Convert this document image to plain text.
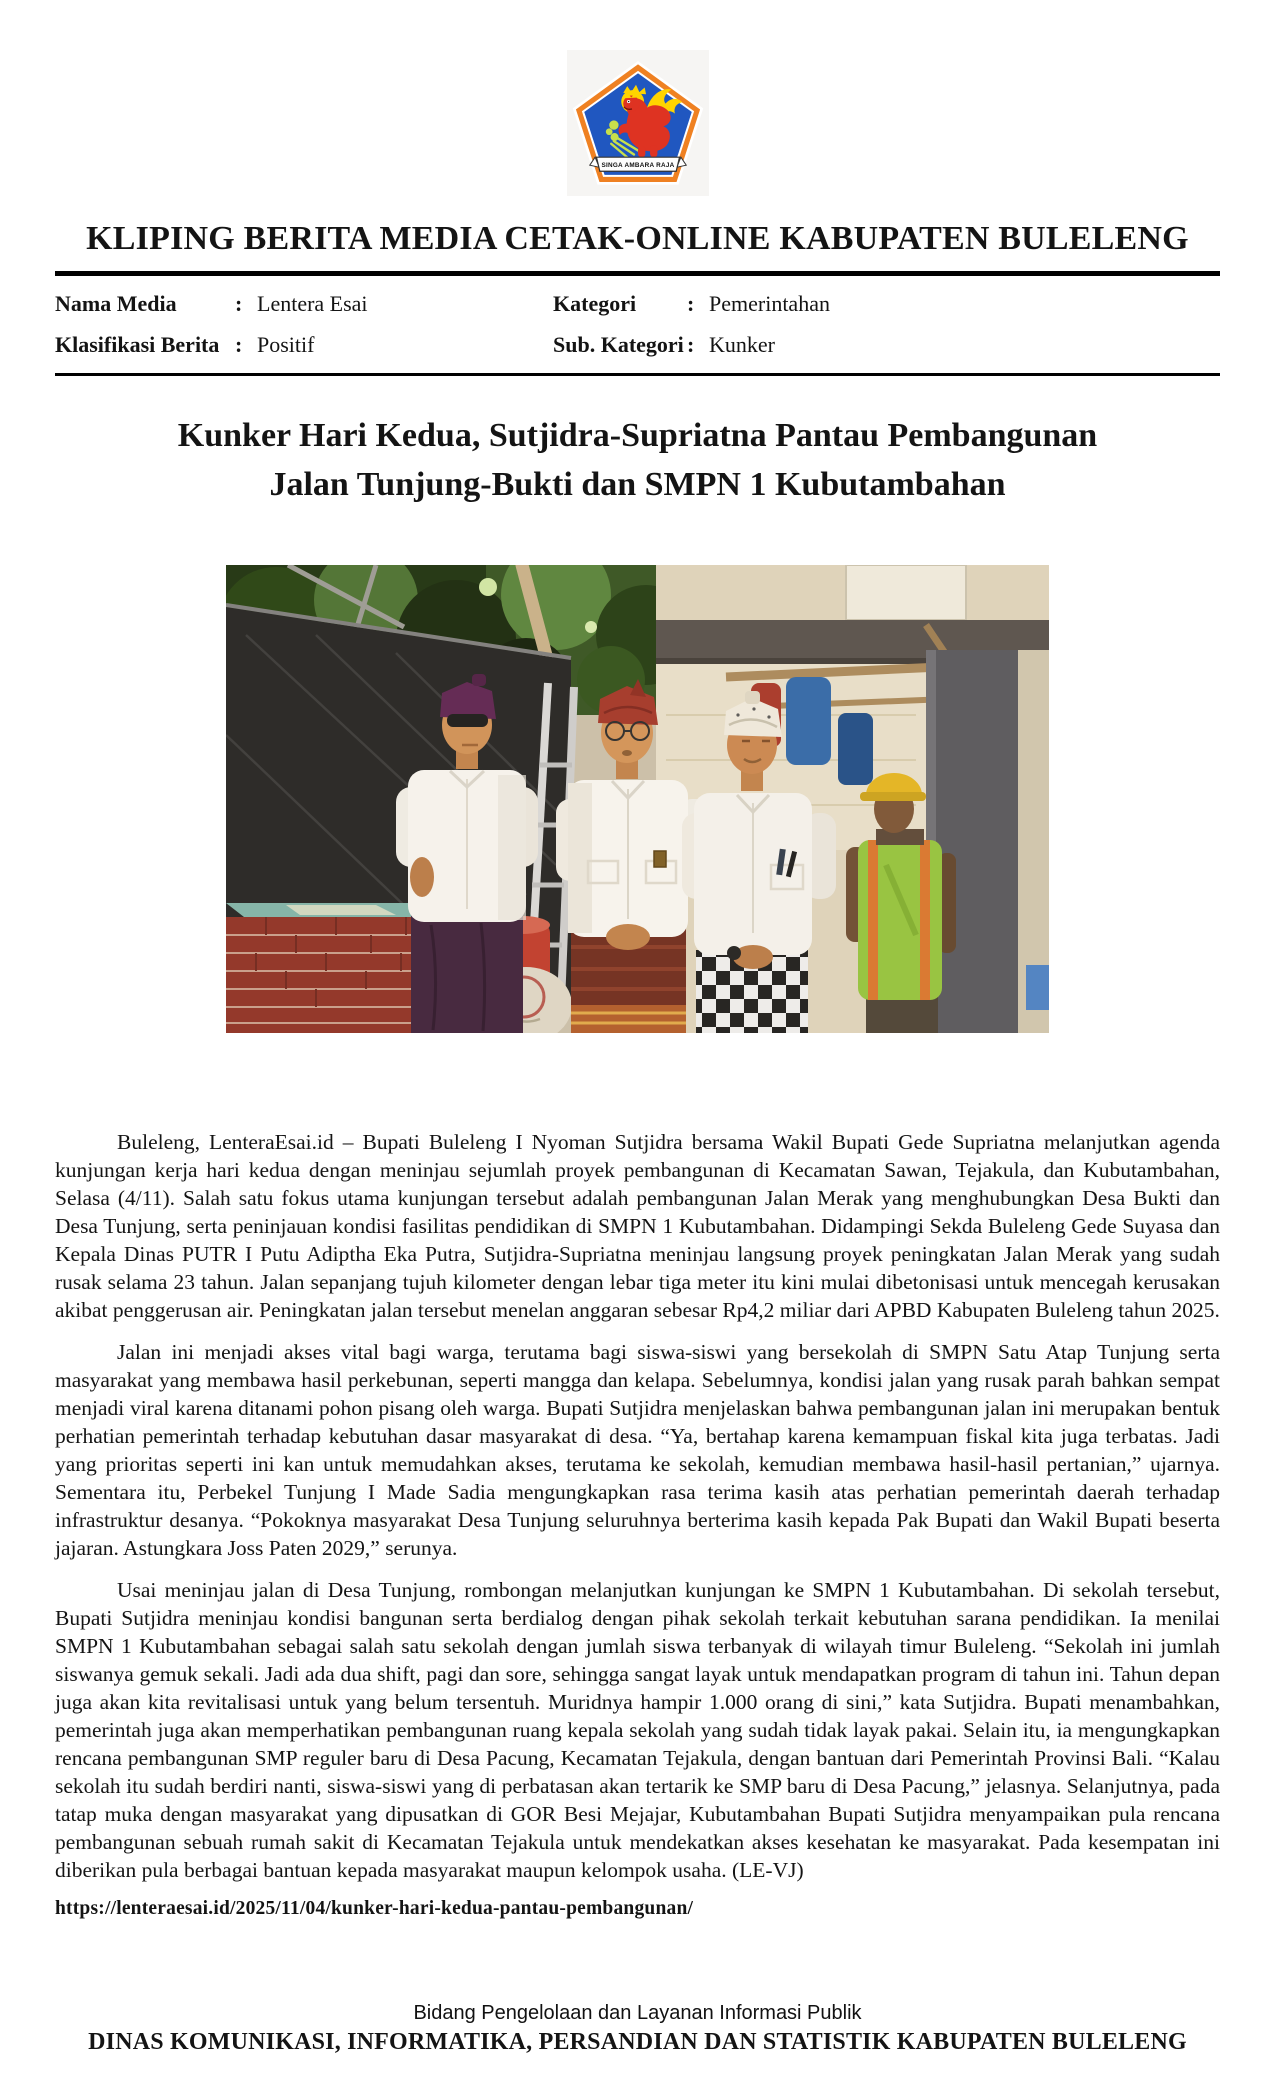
SINGA AMBARA RAJA
KLIPING BERITA MEDIA CETAK-ONLINE KABUPATEN BULELENG
Nama Media	: Lentera Esai
Klasifikasi Berita : Positif
Kategori	: Pemerintahan
Sub. Kategori : Kunker
Kunker Hari Kedua, Sutjidra-Supriatna Pantau Pembangunan
Jalan Tunjung-Bukti dan SMPN 1 Kubutambahan

Buleleng, LenteraEsai.id – Bupati Buleleng I Nyoman Sutjidra bersama Wakil Bupati Gede Supriatna melanjutkan agenda kunjungan kerja hari kedua dengan meninjau sejumlah proyek pembangunan di Kecamatan Sawan, Tejakula, dan Kubutambahan, Selasa (4/11). Salah satu fokus utama kunjungan tersebut adalah pembangunan Jalan Merak yang menghubungkan Desa Bukti dan Desa Tunjung, serta peninjauan kondisi fasilitas pendidikan di SMPN 1 Kubutambahan. Didampingi Sekda Buleleng Gede Suyasa dan Kepala Dinas PUTR I Putu Adiptha Eka Putra, Sutjidra-Supriatna meninjau langsung proyek peningkatan Jalan Merak yang sudah rusak selama 23 tahun. Jalan sepanjang tujuh kilometer dengan lebar tiga meter itu kini mulai dibetonisasi untuk mencegah kerusakan akibat penggerusan air. Peningkatan jalan tersebut menelan anggaran sebesar Rp4,2 miliar dari APBD Kabupaten Buleleng tahun 2025.

Jalan ini menjadi akses vital bagi warga, terutama bagi siswa-siswi yang bersekolah di SMPN Satu Atap Tunjung serta masyarakat yang membawa hasil perkebunan, seperti mangga dan kelapa. Sebelumnya, kondisi jalan yang rusak parah bahkan sempat menjadi viral karena ditanami pohon pisang oleh warga. Bupati Sutjidra menjelaskan bahwa pembangunan jalan ini merupakan bentuk perhatian pemerintah terhadap kebutuhan dasar masyarakat di desa. “Ya, bertahap karena kemampuan fiskal kita juga terbatas. Jadi yang prioritas seperti ini kan untuk memudahkan akses, terutama ke sekolah, kemudian membawa hasil-hasil pertanian,” ujarnya. Sementara itu, Perbekel Tunjung I Made Sadia mengungkapkan rasa terima kasih atas perhatian pemerintah daerah terhadap infrastruktur desanya. “Pokoknya masyarakat Desa Tunjung seluruhnya berterima kasih kepada Pak Bupati dan Wakil Bupati beserta jajaran. Astungkara Joss Paten 2029,” serunya.

Usai meninjau jalan di Desa Tunjung, rombongan melanjutkan kunjungan ke SMPN 1 Kubutambahan. Di sekolah tersebut, Bupati Sutjidra meninjau kondisi bangunan serta berdialog dengan pihak sekolah terkait kebutuhan sarana pendidikan. Ia menilai SMPN 1 Kubutambahan sebagai salah satu sekolah dengan jumlah siswa terbanyak di wilayah timur Buleleng. “Sekolah ini jumlah siswanya gemuk sekali. Jadi ada dua shift, pagi dan sore, sehingga sangat layak untuk mendapatkan program di tahun ini. Tahun depan juga akan kita revitalisasi untuk yang belum tersentuh. Muridnya hampir 1.000 orang di sini,” kata Sutjidra. Bupati menambahkan, pemerintah juga akan memperhatikan pembangunan ruang kepala sekolah yang sudah tidak layak pakai. Selain itu, ia mengungkapkan rencana pembangunan SMP reguler baru di Desa Pacung, Kecamatan Tejakula, dengan bantuan dari Pemerintah Provinsi Bali. “Kalau sekolah itu sudah berdiri nanti, siswa-siswi yang di perbatasan akan tertarik ke SMP baru di Desa Pacung,” jelasnya. Selanjutnya, pada tatap muka dengan masyarakat yang dipusatkan di GOR Besi Mejajar, Kubutambahan Bupati Sutjidra menyampaikan pula rencana pembangunan sebuah rumah sakit di Kecamatan Tejakula untuk mendekatkan akses kesehatan ke masyarakat. Pada kesempatan ini diberikan pula berbagai bantuan kepada masyarakat maupun kelompok usaha. (LE-VJ)

https://lenteraesai.id/2025/11/04/kunker-hari-kedua-pantau-pembangunan/
Bidang Pengelolaan dan Layanan Informasi Publik
DINAS KOMUNIKASI, INFORMATIKA, PERSANDIAN DAN STATISTIK KABUPATEN BULELENG
